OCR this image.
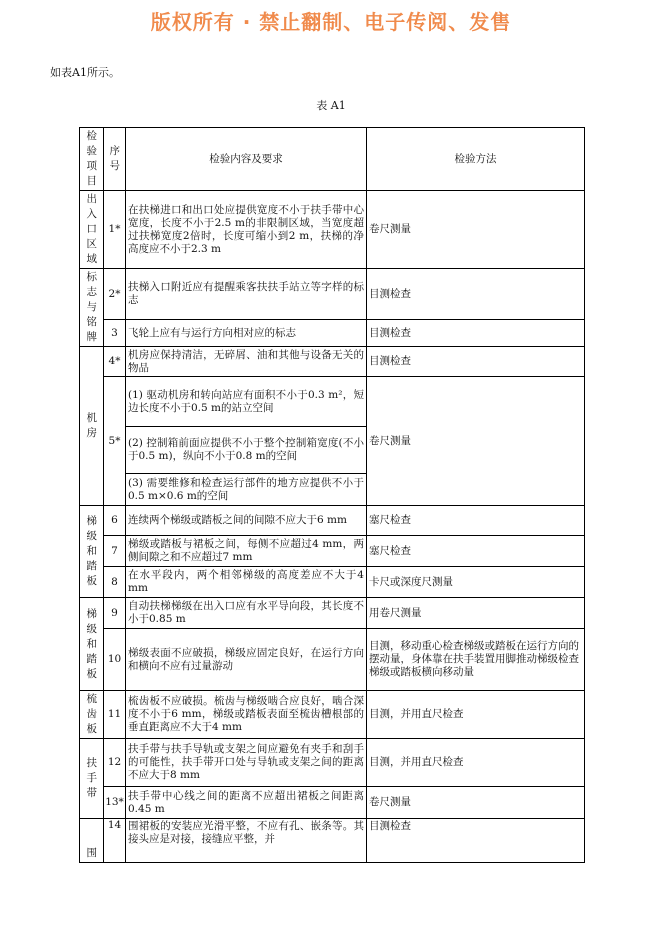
版权所有 · 禁止翻制、电子传阅、发售
如表A1所示。
表 A1
检验项目	序号	检验内容及要求	检验方法

出入口区域	1*	在扶梯进口和出口处应提供宽度不小于扶手带中心宽度，长度不小于2.5 m的非限制区域，当宽度超过扶梯宽度2倍时，长度可缩小到2 m，扶梯的净高度应不小于2.3 m	卷尺测量

标志与铭牌	2*	扶梯入口附近应有提醒乘客扶扶手站立等字样的标志	目测检查
	3	飞轮上应有与运行方向相对应的标志	目测检查

机房	4*	机房应保持清洁，无碎屑、油和其他与设备无关的物品	目测检查
	5*	(1) 驱动机房和转向站应有面积不小于0.3 m²，短边长度不小于0.5 m的站立空间	卷尺测量
		(2) 控制箱前面应提供不小于整个控制箱宽度(不小于0.5 m)，纵向不小于0.8 m的空间	
		(3) 需要维修和检查运行部件的地方应提供不小于0.5 m×0.6 m的空间	

梯级和踏板	6	连续两个梯级或踏板之间的间隙不应大于6 mm	塞尺检查
	7	梯级或踏板与裙板之间，每侧不应超过4 mm，两侧间隙之和不应超过7 mm	塞尺检查
	8	在水平段内，两个相邻梯级的高度差应不大于4 mm	卡尺或深度尺测量

梯级和踏板	9	自动扶梯梯级在出入口应有水平导向段，其长度不小于0.85 m	用卷尺测量
	10	梯级表面不应破损，梯级应固定良好，在运行方向和横向不应有过量游动	目测，移动重心检查梯级或踏板在运行方向的摆动量，身体靠在扶手装置用脚推动梯级检查梯级或踏板横向移动量

梳齿板	11	梳齿板不应破损。梳齿与梯级啮合应良好，啮合深度不小于6 mm，梯级或踏板表面至梳齿槽根部的垂直距离应不大于4 mm	目测，并用直尺检查

扶手带	12	扶手带与扶手导轨或支架之间应避免有夹手和刮手的可能性，扶手带开口处与导轨或支架之间的距离不应大于8 mm	目测，并用直尺检查
	13*	扶手带中心线之间的距离不应超出裙板之间距离0.45 m	卷尺测量

围	14	围裙板的安装应光滑平整，不应有孔、嵌条等。其接头应是对接，接缝应平整，并	目测检查
